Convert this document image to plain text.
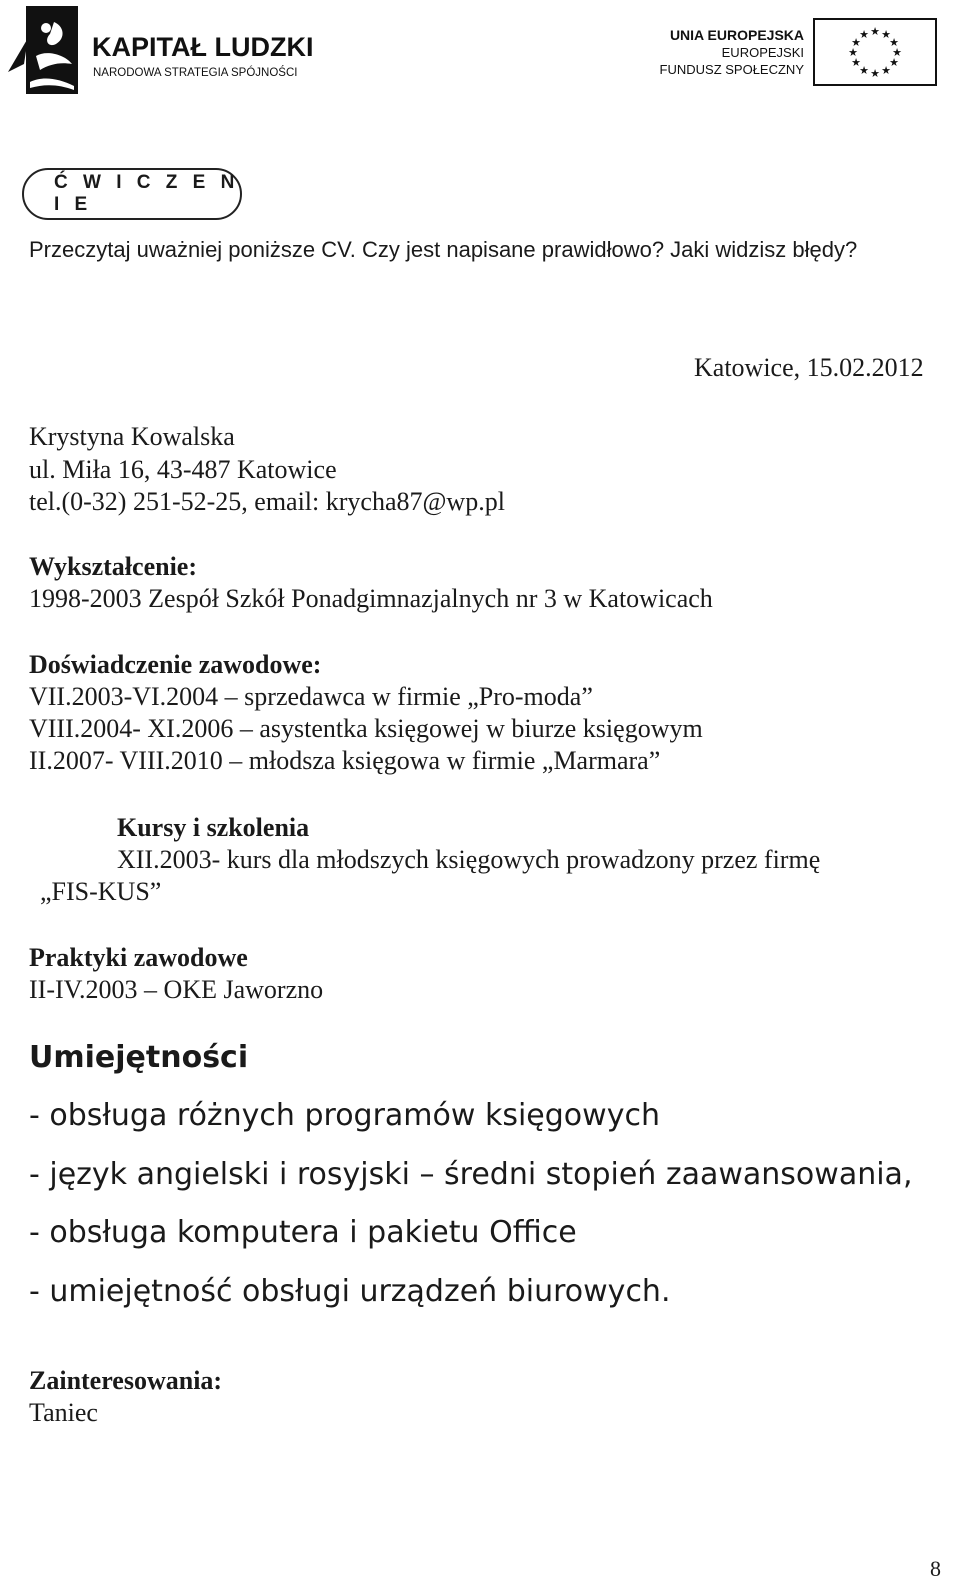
KAPITAŁ LUDZKI
NARODOWA STRATEGIA SPÓJNOŚCI
UNIA EUROPEJSKA
EUROPEJSKI
FUNDUSZ SPOŁECZNY
★ ★
★
★
★
★
★
★
★
★
★
★
Ć W I C Z E N I E
Przeczytaj uważniej poniższe CV. Czy jest napisane prawidłowo? Jaki widzisz błędy?
Katowice, 15.02.2012
Krystyna Kowalska
ul. Miła 16, 43-487 Katowice
tel.(0-32) 251-52-25, email: krycha87@wp.pl
Wykształcenie:
1998-2003 Zespół Szkół Ponadgimnazjalnych nr 3 w Katowicach
Doświadczenie zawodowe:
VII.2003-VI.2004 – sprzedawca w firmie „Pro-moda”
VIII.2004- XI.2006 – asystentka księgowej w biurze księgowym
II.2007- VIII.2010 – młodsza księgowa w firmie „Marmara”
Kursy i szkolenia
XII.2003- kurs dla młodszych księgowych prowadzony przez firmę
„FIS-KUS”
Praktyki zawodowe
II-IV.2003 – OKE Jaworzno
Umiejętności
- obsługa różnych programów księgowych
- język angielski i rosyjski – średni stopień zaawansowania,
- obsługa komputera i pakietu Office
- umiejętność obsługi urządzeń biurowych.
Zainteresowania:
Taniec
8
